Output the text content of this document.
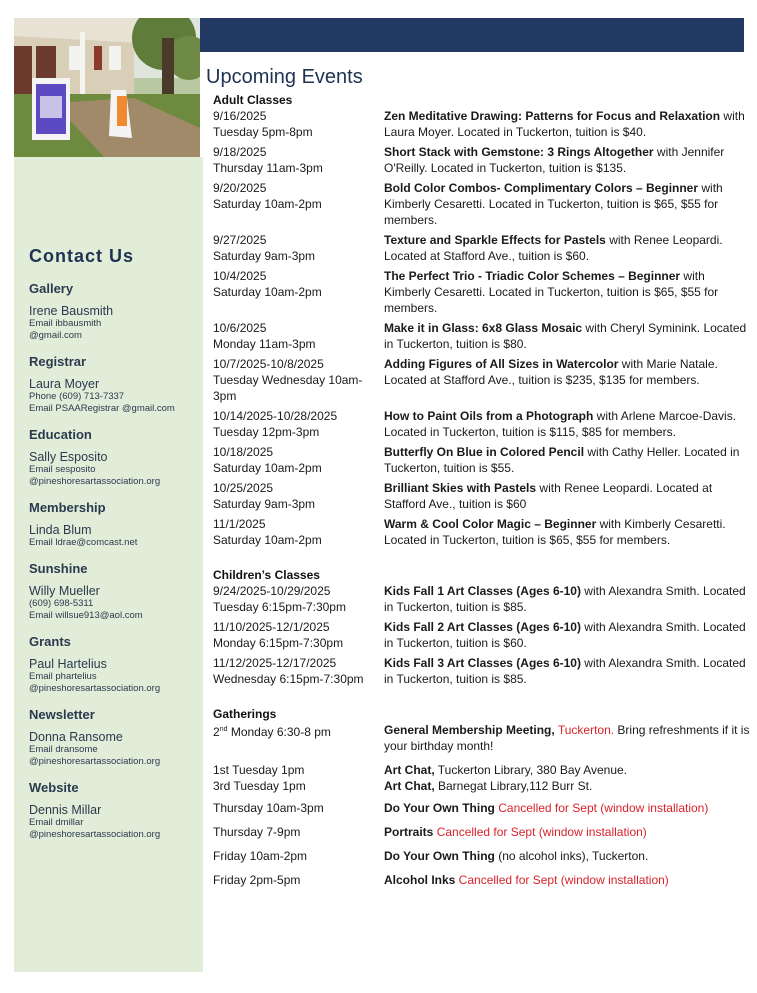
Contact Us
Gallery
Irene Bausmith
Email ibbausmith
@gmail.com
Registrar
Laura Moyer
Phone (609) 713-7337
Email PSAARegistrar @gmail.com
Education
Sally Esposito
Email sesposito
@pineshoresartassociation.org
Membership
Linda Blum
Email ldrae@comcast.net
Sunshine
Willy Mueller
(609) 698-5311
Email willsue913@aol.com
Grants
Paul Hartelius
Email phartelius
@pineshoresartassociation.org
Newsletter
Donna Ransome
Email dransome
@pineshoresartassociation.org
Website
Dennis Millar
Email dmillar
@pineshoresartassociation.org
Upcoming Events
Adult Classes
9/16/2025
Tuesday 5pm-8pm
Zen Meditative Drawing: Patterns for Focus and Relaxation with Laura Moyer. Located in Tuckerton, tuition is $40.
9/18/2025
Thursday 11am-3pm
Short Stack with Gemstone: 3 Rings Altogether with Jennifer O'Reilly. Located in Tuckerton, tuition is $135.
9/20/2025
Saturday 10am-2pm
Bold Color Combos- Complimentary Colors – Beginner with Kimberly Cesaretti. Located in Tuckerton, tuition is $65, $55 for members.
9/27/2025
Saturday 9am-3pm
Texture and Sparkle Effects for Pastels with Renee Leopardi. Located at Stafford Ave., tuition is $60.
10/4/2025
Saturday 10am-2pm
The Perfect Trio - Triadic Color Schemes – Beginner with Kimberly Cesaretti. Located in Tuckerton, tuition is $65, $55 for members.
10/6/2025
Monday 11am-3pm
Make it in Glass: 6x8 Glass Mosaic with Cheryl Syminink. Located in Tuckerton, tuition is $80.
10/7/2025-10/8/2025
Tuesday Wednesday 10am-3pm
Adding Figures of All Sizes in Watercolor with Marie Natale. Located at Stafford Ave., tuition is $235, $135 for members.
10/14/2025-10/28/2025
Tuesday 12pm-3pm
How to Paint Oils from a Photograph with Arlene Marcoe-Davis. Located in Tuckerton, tuition is $115, $85 for members.
10/18/2025
Saturday 10am-2pm
Butterfly On Blue in Colored Pencil with Cathy Heller. Located in Tuckerton, tuition is $55.
10/25/2025
Saturday 9am-3pm
Brilliant Skies with Pastels with Renee Leopardi. Located at Stafford Ave., tuition is $60
11/1/2025
Saturday 10am-2pm
Warm & Cool Color Magic – Beginner with Kimberly Cesaretti. Located in Tuckerton, tuition is $65, $55 for members.
Children’s Classes
9/24/2025-10/29/2025
Tuesday 6:15pm-7:30pm
Kids Fall 1 Art Classes (Ages 6-10) with Alexandra Smith. Located in Tuckerton, tuition is $85.
11/10/2025-12/1/2025
Monday 6:15pm-7:30pm
Kids Fall 2 Art Classes (Ages 6-10) with Alexandra Smith. Located in Tuckerton, tuition is $60.
11/12/2025-12/17/2025
Wednesday 6:15pm-7:30pm
Kids Fall 3 Art Classes (Ages 6-10) with Alexandra Smith. Located in Tuckerton, tuition is $85.
Gatherings
2nd Monday 6:30-8 pm	General Membership Meeting, Tuckerton. Bring refreshments if it is your birthday month!
1st Tuesday 1pm	Art Chat, Tuckerton Library, 380 Bay Avenue.
3rd Tuesday 1pm	Art Chat, Barnegat Library,112 Burr St.
Thursday 10am-3pm	Do Your Own Thing Cancelled for Sept (window installation)
Thursday 7-9pm	Portraits Cancelled for Sept (window installation)
Friday 10am-2pm	Do Your Own Thing (no alcohol inks), Tuckerton.
Friday 2pm-5pm	Alcohol Inks Cancelled for Sept (window installation)
